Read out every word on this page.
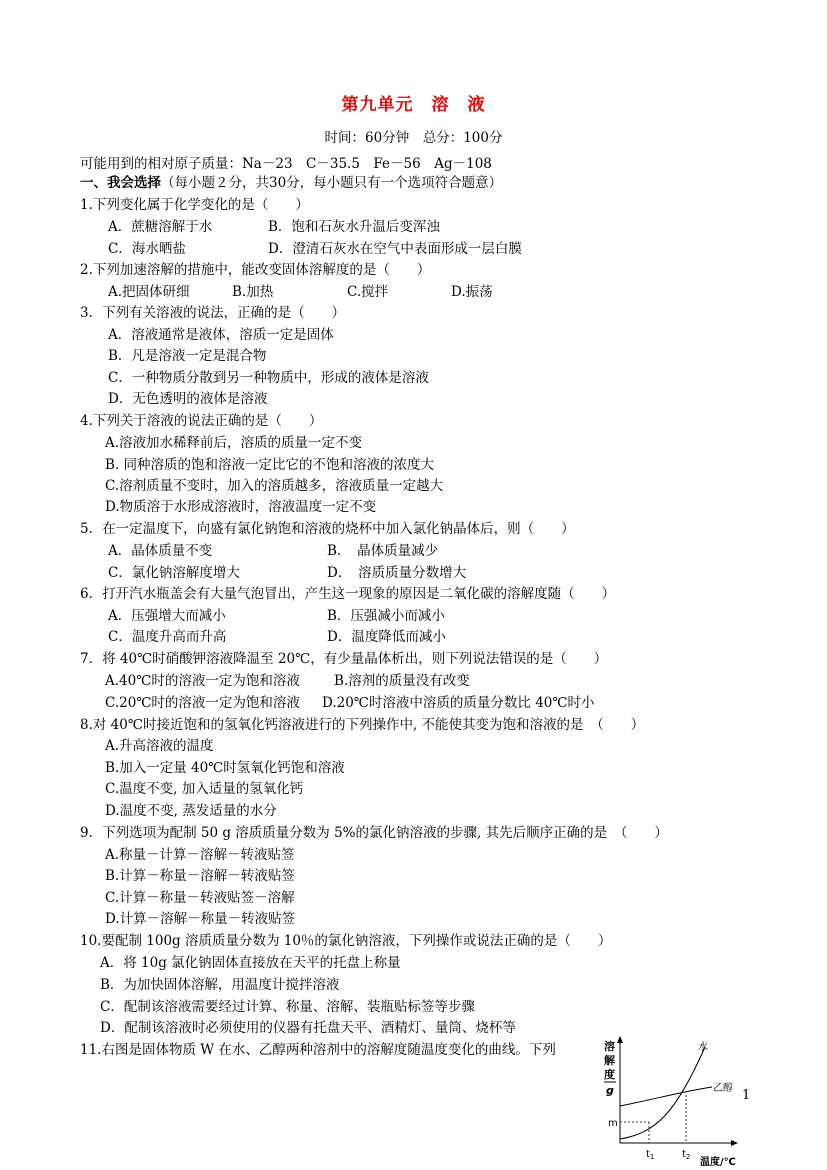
第九单元　溶　液
时间：60分钟　总分：100分
可能用到的相对原子质量：Na－23　C－35.5　Fe－56　Ag－108
一、我会选择（每小题２分，共30分，每小题只有一个选项符合题意）
1.下列变化属于化学变化的是（　　）
A．蔗糖溶解于水	B．饱和石灰水升温后变浑浊
C．海水晒盐	D．澄清石灰水在空气中表面形成一层白膜
2.下列加速溶解的措施中，能改变固体溶解度的是（　　）
A.把固体研细	B.加热	C.搅拌	D.振荡
3．下列有关溶液的说法，正确的是（　　）
A．溶液通常是液体，溶质一定是固体
B．凡是溶液一定是混合物
C．一种物质分散到另一种物质中，形成的液体是溶液
D．无色透明的液体是溶液
4.下列关于溶液的说法正确的是（　　）
A.溶液加水稀释前后，溶质的质量一定不变
B. 同种溶质的饱和溶液一定比它的不饱和溶液的浓度大
C.溶剂质量不变时，加入的溶质越多，溶液质量一定越大
D.物质溶于水形成溶液时，溶液温度一定不变
5．在一定温度下，向盛有氯化钠饱和溶液的烧杯中加入氯化钠晶体后，则（　　）
A．晶体质量不变	B．　晶体质量减少
C．氯化钠溶解度增大	D．　溶质质量分数增大
6．打开汽水瓶盖会有大量气泡冒出，产生这一现象的原因是二氧化碳的溶解度随（　　）
A．压强增大而减小	B．压强减小而减小
C．温度升高而升高	D．温度降低而减小
7．将 40℃时硝酸钾溶液降温至 20℃，有少量晶体析出，则下列说法错误的是（　　）
A.40℃时的溶液一定为饱和溶液	B.溶剂的质量没有改变
C.20℃时的溶液一定为饱和溶液 D.20℃时溶液中溶质的质量分数比 40℃时小
8.对 40℃时接近饱和的氢氧化钙溶液进行的下列操作中, 不能使其变为饱和溶液的是　（　　）
A.升高溶液的温度
B.加入一定量 40℃时氢氧化钙饱和溶液
C.温度不变, 加入适量的氢氧化钙
D.温度不变, 蒸发适量的水分
9．下列选项为配制 50 g 溶质质量分数为 5%的氯化钠溶液的步骤, 其先后顺序正确的是　（　　）
A.称量－计算－溶解－转液贴签
B.计算－称量－溶解－转液贴签
C.计算－称量－转液贴签－溶解
D.计算－溶解－称量－转液贴签
10.要配制 100g 溶质质量分数为 10％的氯化钠溶液，下列操作或说法正确的是（　　）
A．将 10g 氯化钠固体直接放在天平的托盘上称量
B．为加快固体溶解，用温度计搅拌溶液
C．配制该溶液需要经过计算、称量、溶解、装瓶贴标签等步骤
D．配制该溶液时必须使用的仪器有托盘天平、酒精灯、量筒、烧杯等
11.右图是固体物质 W 在水、乙醇两种溶剂中的溶解度随温度变化的曲线。下列	溶
解
度
g
水
乙醇
m
$t_1$	$t_2$ 温度/℃
1
